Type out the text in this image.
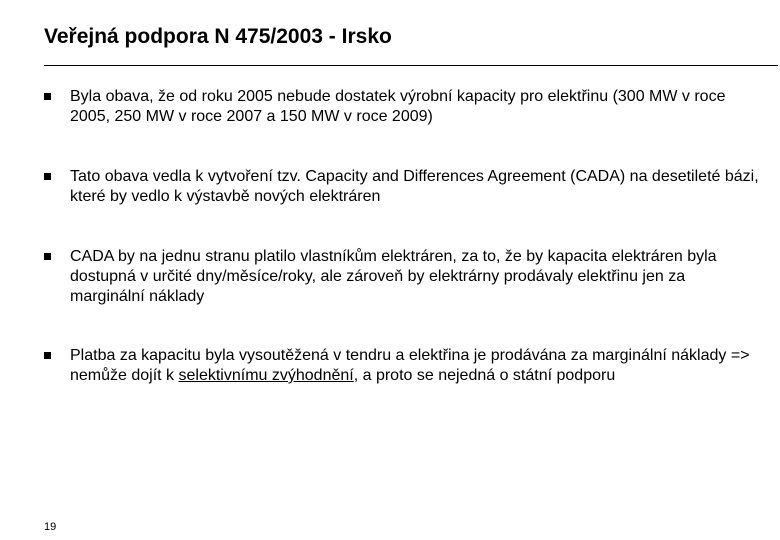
Veřejná podpora N 475/2003 - Irsko
Byla obava, že od roku 2005 nebude dostatek výrobní kapacity pro elektřinu (300 MW v roce 2005, 250 MW v roce 2007 a 150 MW v roce 2009)
Tato obava vedla k vytvoření tzv. Capacity and Differences Agreement (CADA) na desetileté bázi, které by vedlo k výstavbě nových elektráren
CADA by na jednu stranu platilo vlastníkům elektráren, za to, že by kapacita elektráren byla dostupná v určité dny/měsíce/roky, ale zároveň by elektrárny prodávaly elektřinu jen za marginální náklady
Platba za kapacitu byla vysoutěžená v tendru a elektřina je prodávána za marginální náklady => nemůže dojít k selektivnímu zvýhodnění, a proto se nejedná o státní podporu
19
